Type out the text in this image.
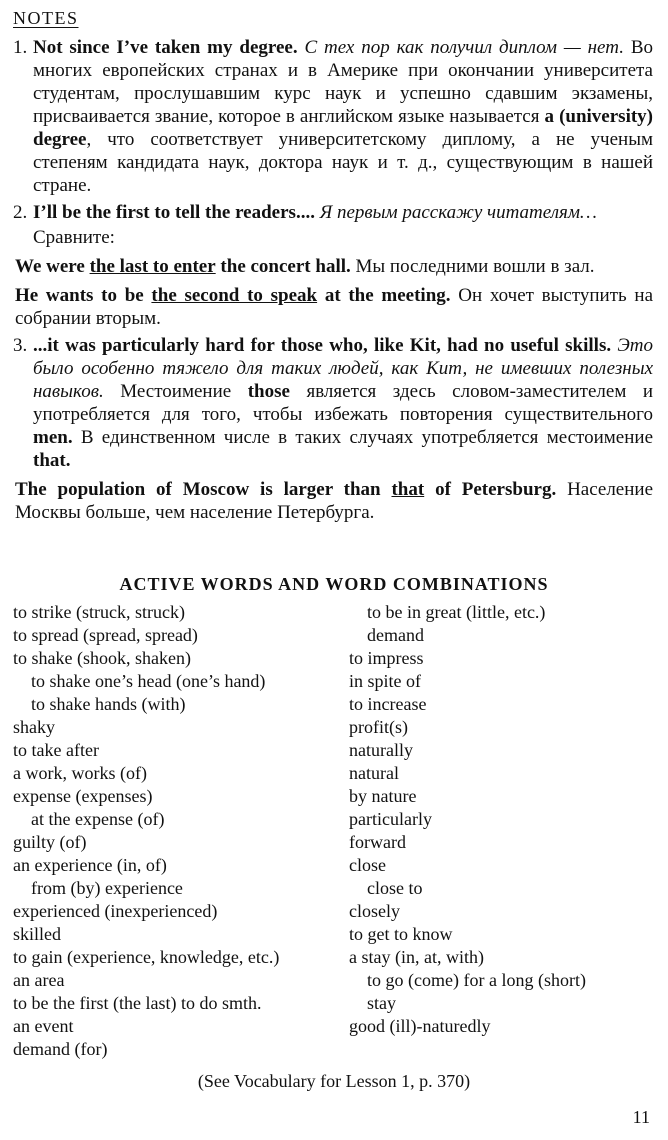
NOTES
1. Not since I’ve taken my degree. С тех пор как получил диплом — нет. Во многих европейских странах и в Америке при окончании университета студентам, прослушавшим курс наук и успешно сдавшим экзамены, присваивается звание, которое в английском языке называется a (university) degree, что соответствует университетскому диплому, а не ученым степеням кандидата наук, доктора наук и т. д., существующим в нашей стране.
2. I’ll be the first to tell the readers.... Я первым расскажу читателям…
Сравните:
We were the last to enter the concert hall. Мы последними вошли в зал.
He wants to be the second to speak at the meeting. Он хочет выступить на собрании вторым.
3. ...it was particularly hard for those who, like Kit, had no useful skills. Это было особенно тяжело для таких людей, как Кит, не имевших полезных навыков. Местоимение those является здесь словом-заместителем и употребляется для того, чтобы избежать повторения существительного men. В единственном числе в таких случаях употребляется местоимение that.
The population of Moscow is larger than that of Petersburg. Население Москвы больше, чем население Петербурга.
ACTIVE WORDS AND WORD COMBINATIONS
to strike (struck, struck)
to spread (spread, spread)
to shake (shook, shaken)
to shake one’s head (one’s hand)
to shake hands (with)
shaky
to take after
a work, works (of)
expense (expenses)
at the expense (of)
guilty (of)
an experience (in, of)
from (by) experience
experienced (inexperienced)
skilled
to gain (experience, knowledge, etc.)
an area
to be the first (the last) to do smth.
an event
demand (for)
to be in great (little, etc.)
demand
to impress
in spite of
to increase
profit(s)
naturally
natural
by nature
particularly
forward
close
close to
closely
to get to know
a stay (in, at, with)
to go (come) for a long (short)
stay
good (ill)-naturedly
(See Vocabulary for Lesson 1, p. 370)
11
